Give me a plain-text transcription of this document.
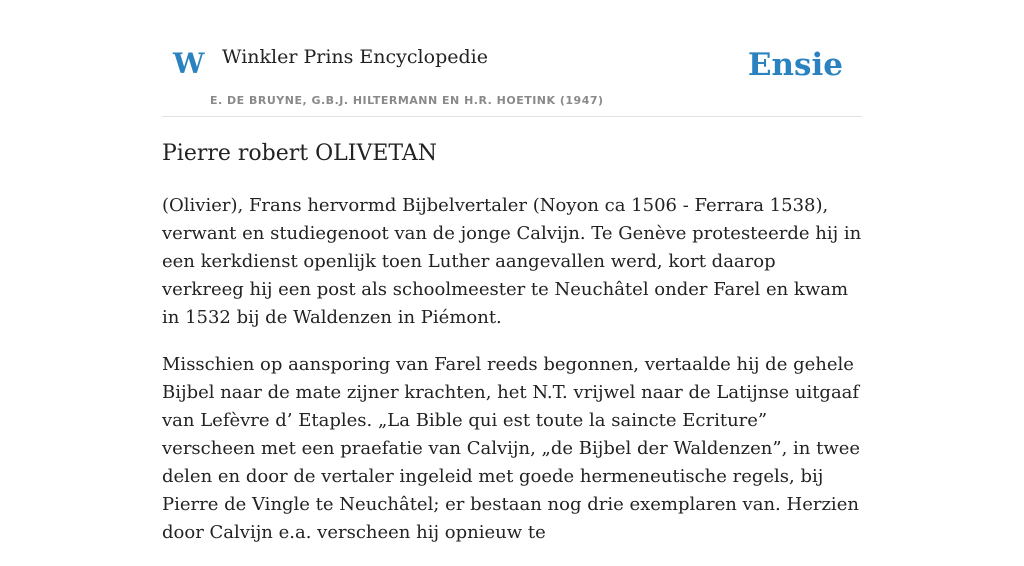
W Winkler Prins Encyclopedie
E. DE BRUYNE, G.B.J. HILTERMANN EN H.R. HOETINK (1947)
Ensie
Pierre robert OLIVETAN

(Olivier), Frans hervormd Bijbelvertaler (Noyon ca 1506 - Ferrara 1538), verwant en studiegenoot van de jonge Calvijn. Te Genève protesteerde hij in een kerkdienst openlijk toen Luther aangevallen werd, kort daarop verkreeg hij een post als schoolmeester te Neuchâtel onder Farel en kwam in 1532 bij de Waldenzen in Piémont.

Misschien op aansporing van Farel reeds begonnen, vertaalde hij de gehele Bijbel naar de mate zijner krachten, het N.T. vrijwel naar de Latijnse uitgaaf van Lefèvre d’ Etaples. „La Bible qui est toute la saincte Ecriture” verscheen met een praefatie van Calvijn, „de Bijbel der Waldenzen”, in twee delen en door de vertaler ingeleid met goede hermeneutische regels, bij Pierre de Vingle te Neuchâtel; er bestaan nog drie exemplaren van. Herzien door Calvijn e.a. verscheen hij opnieuw te
